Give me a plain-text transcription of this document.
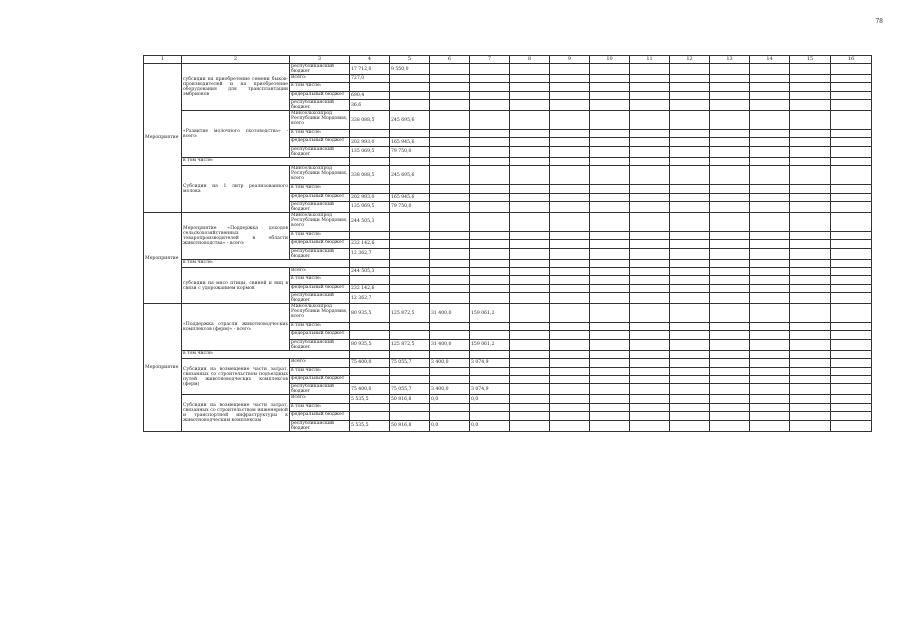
78
1	2	3	4	5	6	7	8	9	10	11	12	13	14	15	16
Мероприятие	субсидии на приобретение семени быков-производителей и на приобретение оборудования для трансплантации эмбрионов	республиканский бюджет	17 712,0	9 550,0											
		Всего:	727,0												
		в том числе:													
		федеральный бюджет	690,4												
		республиканский бюджет	36,6												
	«Развитие молочного скотоводства» - всего:	Минсельхозпрод Республики Мордовия, всего	338 088,5	245 695,6											
		в том числе:													
		федеральный бюджет	202 993,0	165 945,6											
		республиканский бюджет	135 069,5	79 750,0											
	в том числе:														
	Субсидии на 1 литр реализованного молока	Минсельхозпрод Республики Мордовия, всего	338 088,5	245 695,6											
		в том числе:													
		федеральный бюджет	202 993,0	165 945,6											
		республиканский бюджет	135 069,5	79 750,0											
Мероприятие	Мероприятие «Поддержка доходов сельскохозяйственных товаропроизводителей в области животноводства» - всего:	Минсельхозпрод Республики Мордовия, всего	244 505,3												
		в том числе:													
		федеральный бюджет	232 142,6												
		республиканский бюджет	12 362,7												
	в том числе:														
	субсидии на мясо птицы, свиней и яиц в связи с удорожанием кормов	Всего:	244 505,3												
		в том числе:													
		федеральный бюджет	232 142,6												
		республиканский бюджет	12 362,7												
Мероприятие	«Поддержка отрасли животноводческих комплексов (ферм)» - всего:	Минсельхозпрод Республики Мордовия, всего	80 935,5	125 872,5	31 400,0	159 061,2									
		в том числе:													
		федеральный бюджет													
		республиканский бюджет	80 935,5	125 872,5	31 400,0	159 061,2									
	в том числе:														
	Субсидии на возмещение части затрат, связанных со строительством подъездных путей животноводческих комплексов (ферм)	Всего:	75 400,0	75 055,7	3 400,0	3 074,9									
		в том числе:													
		федеральный бюджет													
		республиканский бюджет	75 400,0	75 055,7	3 400,0	3 074,9									
	Субсидии на возмещение части затрат, связанных со строительством инженерной и транспортной инфраструктуры к животноводческим комплексам	Всего:	5 535,5	50 816,8	0,0	0,0									
		в том числе:													
		федеральный бюджет													
		республиканский бюджет	5 535,5	50 816,8	0,0	0,0									
